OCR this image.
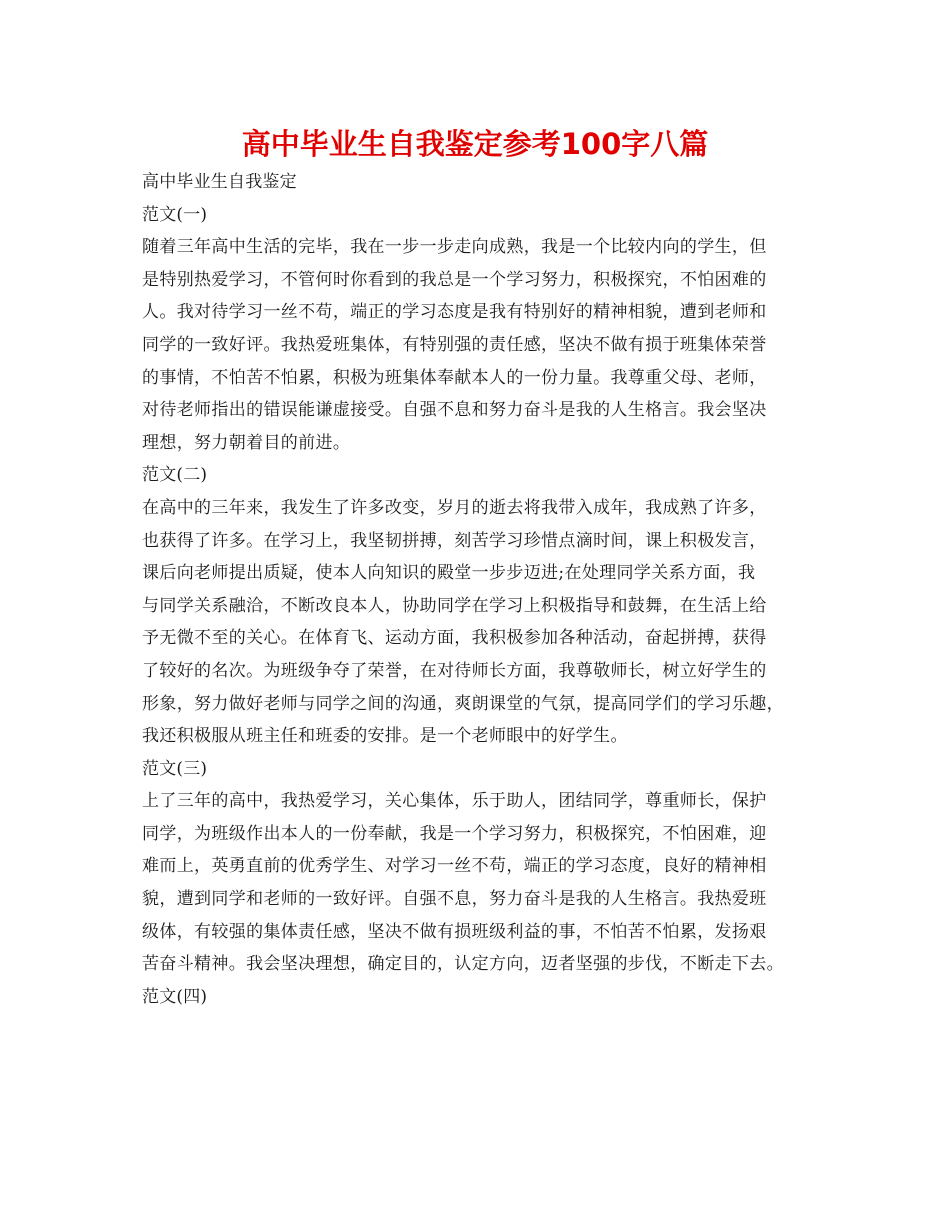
高中毕业生自我鉴定参考100字八篇
高中毕业生自我鉴定
范文(一)
随着三年高中生活的完毕，我在一步一步走向成熟，我是一个比较内向的学生，但
是特别热爱学习，不管何时你看到的我总是一个学习努力，积极探究，不怕困难的
人。我对待学习一丝不苟，端正的学习态度是我有特别好的精神相貌，遭到老师和
同学的一致好评。我热爱班集体，有特别强的责任感，坚决不做有损于班集体荣誉
的事情，不怕苦不怕累，积极为班集体奉献本人的一份力量。我尊重父母、老师，
对待老师指出的错误能谦虚接受。自强不息和努力奋斗是我的人生格言。我会坚决
理想，努力朝着目的前进。
范文(二)
在高中的三年来，我发生了许多改变，岁月的逝去将我带入成年，我成熟了许多，
也获得了许多。在学习上，我坚韧拼搏，刻苦学习珍惜点滴时间，课上积极发言，
课后向老师提出质疑，使本人向知识的殿堂一步步迈进;在处理同学关系方面，我
与同学关系融洽，不断改良本人，协助同学在学习上积极指导和鼓舞，在生活上给
予无微不至的关心。在体育飞、运动方面，我积极参加各种活动，奋起拼搏，获得
了较好的名次。为班级争夺了荣誉，在对待师长方面，我尊敬师长，树立好学生的
形象，努力做好老师与同学之间的沟通，爽朗课堂的气氛，提高同学们的学习乐趣，
我还积极服从班主任和班委的安排。是一个老师眼中的好学生。
范文(三)
上了三年的高中，我热爱学习，关心集体，乐于助人，团结同学，尊重师长，保护
同学，为班级作出本人的一份奉献，我是一个学习努力，积极探究，不怕困难，迎
难而上，英勇直前的优秀学生、对学习一丝不苟，端正的学习态度，良好的精神相
貌，遭到同学和老师的一致好评。自强不息，努力奋斗是我的人生格言。我热爱班
级体，有较强的集体责任感，坚决不做有损班级利益的事，不怕苦不怕累，发扬艰
苦奋斗精神。我会坚决理想，确定目的，认定方向，迈者坚强的步伐，不断走下去。
范文(四)
